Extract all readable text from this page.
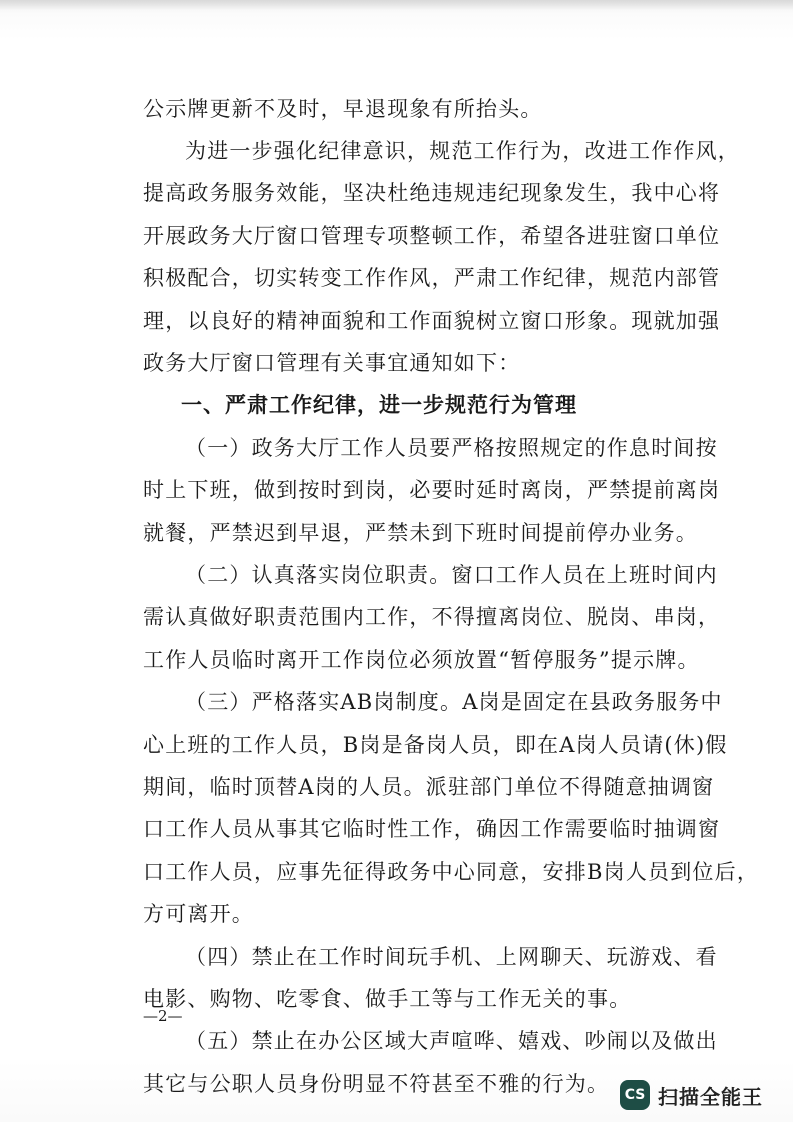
公示牌更新不及时，早退现象有所抬头。
为进一步强化纪律意识，规范工作行为，改进工作作风，
提高政务服务效能，坚决杜绝违规违纪现象发生，我中心将
开展政务大厅窗口管理专项整顿工作，希望各进驻窗口单位
积极配合，切实转变工作作风，严肃工作纪律，规范内部管
理，以良好的精神面貌和工作面貌树立窗口形象。现就加强
政务大厅窗口管理有关事宜通知如下：
一、严肃工作纪律，进一步规范行为管理
（一）政务大厅工作人员要严格按照规定的作息时间按
时上下班，做到按时到岗，必要时延时离岗，严禁提前离岗
就餐，严禁迟到早退，严禁未到下班时间提前停办业务。
（二）认真落实岗位职责。窗口工作人员在上班时间内
需认真做好职责范围内工作，不得擅离岗位、脱岗、串岗，
工作人员临时离开工作岗位必须放置“暂停服务”提示牌。
（三）严格落实AB岗制度。A岗是固定在县政务服务中
心上班的工作人员，B岗是备岗人员，即在A岗人员请(休)假
期间，临时顶替A岗的人员。派驻部门单位不得随意抽调窗
口工作人员从事其它临时性工作，确因工作需要临时抽调窗
口工作人员，应事先征得政务中心同意，安排B岗人员到位后，
方可离开。
（四）禁止在工作时间玩手机、上网聊天、玩游戏、看
电影、购物、吃零食、做手工等与工作无关的事。
（五）禁止在办公区域大声喧哗、嬉戏、吵闹以及做出
其它与公职人员身份明显不符甚至不雅的行为。
—2—
CS 扫描全能王
